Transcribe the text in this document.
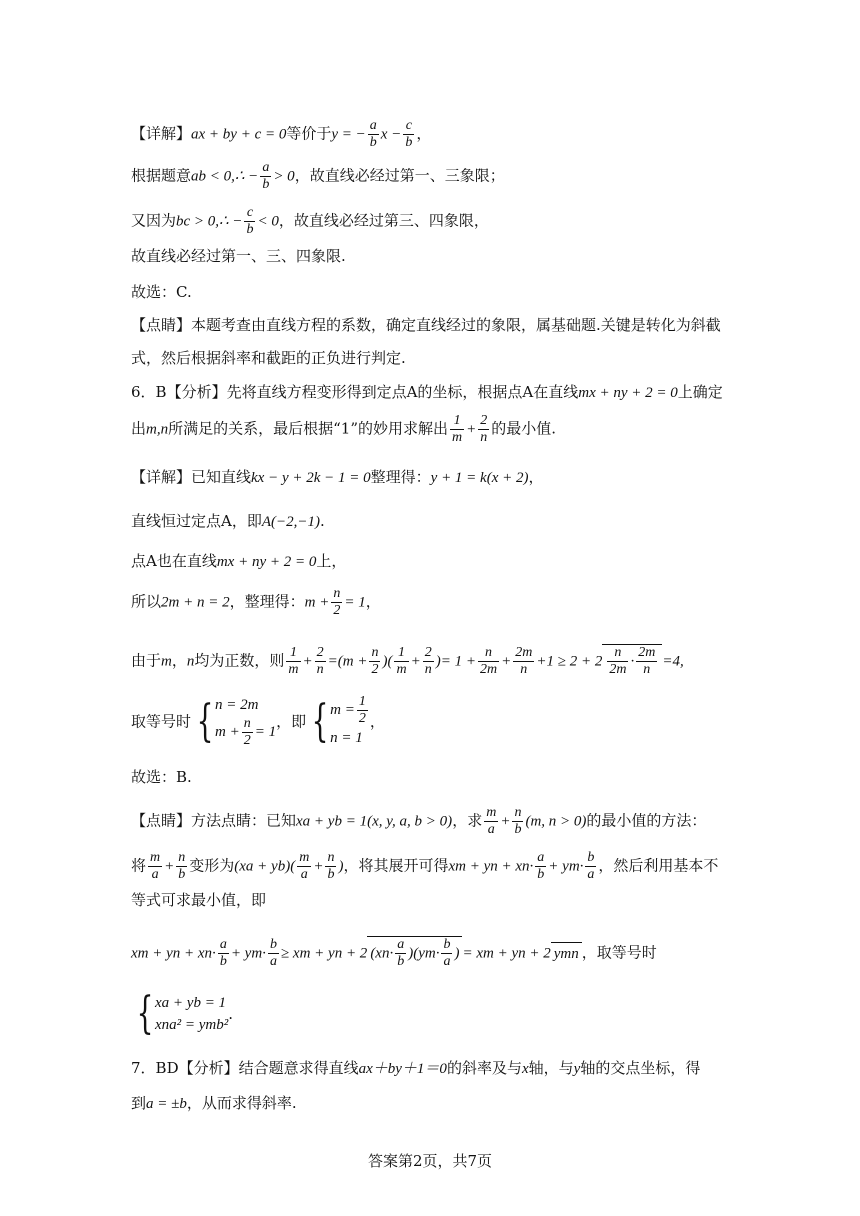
【详解】ax + by + c = 0等价于y = − $\frac{a}{b}$ $x - \frac{c}{b}$ ，
根据题意ab < 0,∴ − $\frac{a}{b} > 0$，故直线必经过第一、三象限；
又因为bc > 0,∴ − $\frac{c}{b} < 0$，故直线必经过第三、四象限，
故直线必经过第一、三、四象限.
故选：C.
【点睛】本题考查由直线方程的系数，确定直线经过的象限，属基础题.关键是转化为斜截
式，然后根据斜率和截距的正负进行判定.
6．B【分析】先将直线方程变形得到定点A的坐标，根据点A在直线mx + ny + 2 = 0上确定
出m,n所满足的关系，最后根据“1”的妙用求解出 $\frac{1}{m} + \frac{2}{n}$ 的最小值.
【详解】已知直线kx − y + 2k − 1 = 0整理得：y + 1 = k(x + 2)，
直线恒过定点A，即A(−2,−1).
点A也在直线mx + ny + 2 = 0上，
所以2m + n = 2，整理得：$m + \frac{n}{2} = 1$，
由于m，n均为正数，则 $\frac{1}{m} + \frac{2}{n} =(m + \frac{n}{2}$ )( $\frac{1}{m} + \frac{2}{n}$ )= $1 + \frac{n}{2m} + \frac{2m}{n} +1 \ge 2 + 2 \frac{n}{2m} \cdot \frac{2m}{n} =4$,
取等号时 { n = 2m
$m + \frac{n}{2} = 1$
，即 { $m = \frac{1}{2}$
n = 1
，
故选：B.
【点睛】方法点睛：已知xa + yb = 1(x, y, a, b > 0)，求 $\frac{m}{a} + \frac{n}{b} (m$, n > 0)的最小值的方法：
将 $\frac{m}{a} + \frac{n}{b}$ 变形为$(xa + yb)( \frac{m}{a} + \frac{n}{b}$ )，将其展开可得xm + yn + $xn\cdot \frac{a}{b} + ym\cdot \frac{b}{a}$ ，然后利用基本不
等式可求最小值，即
xm + yn + $xn\cdot \frac{a}{b} + ym\cdot \frac{b}{a}$ ≥ xm + yn + 2 $(xn\cdot \frac{a}{b} )(ym\cdot \frac{b}{a}$ ) = xm + yn + 2 ymn ，取等号时
{ xa + yb = 1
xna² = ymb²
.
7．BD【分析】结合题意求得直线ax＋by＋1＝0的斜率及与x轴，与y轴的交点坐标，得
到a = ±b，从而求得斜率.
答案第2页，共7页
